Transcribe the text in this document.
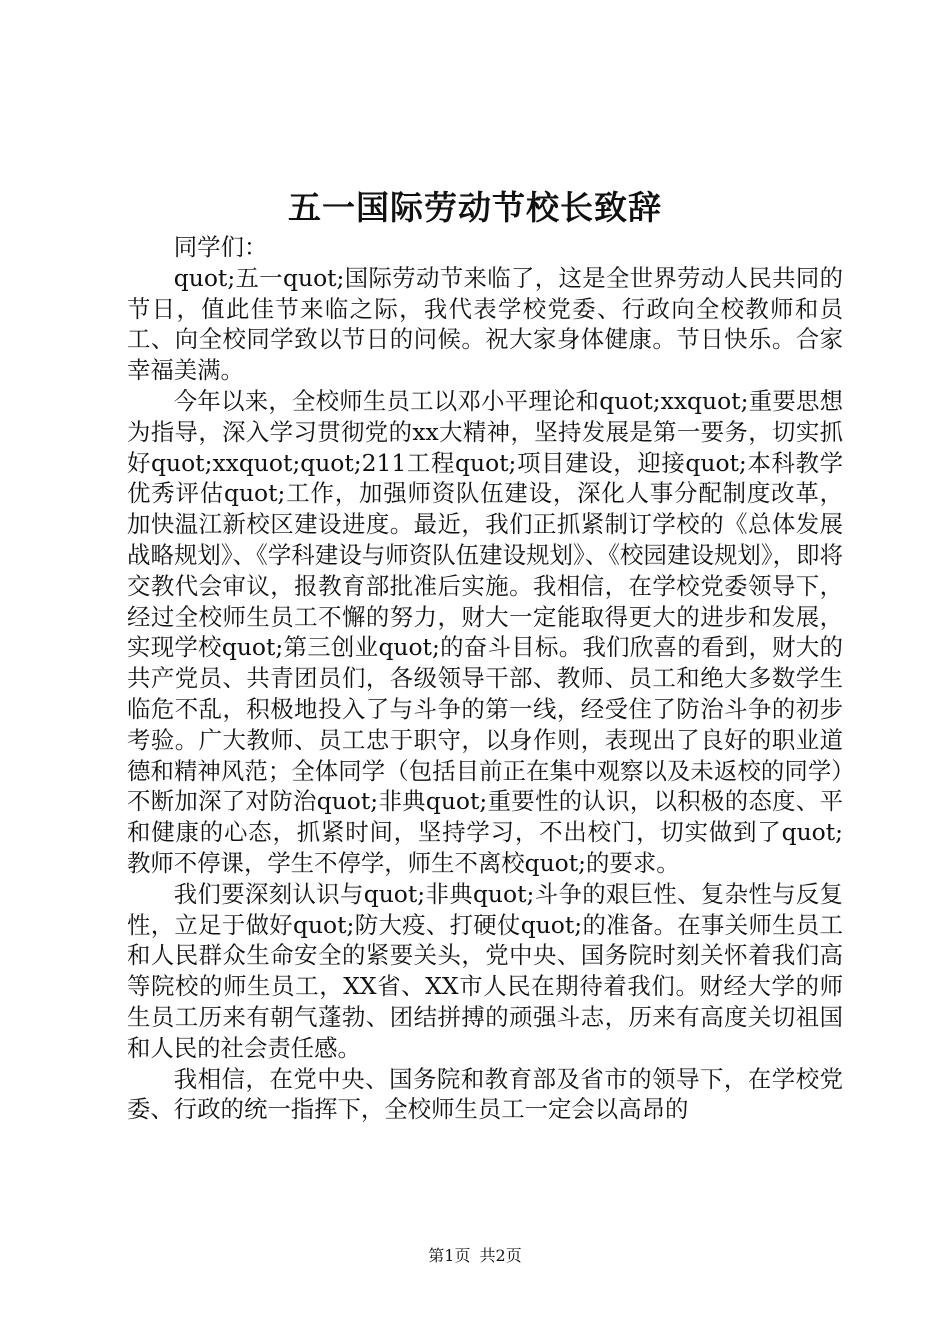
五一国际劳动节校长致辞

同学们：

quot;五一quot;国际劳动节来临了，这是全世界劳动人民共同的节日，值此佳节来临之际，我代表学校党委、行政向全校教师和员工、向全校同学致以节日的问候。祝大家身体健康。节日快乐。合家幸福美满。

今年以来，全校师生员工以邓小平理论和quot;xxquot;重要思想为指导，深入学习贯彻党的xx大精神，坚持发展是第一要务，切实抓好quot;xxquot;quot;211工程quot;项目建设，迎接quot;本科教学优秀评估quot;工作，加强师资队伍建设，深化人事分配制度改革，加快温江新校区建设进度。最近，我们正抓紧制订学校的《总体发展战略规划》、《学科建设与师资队伍建设规划》、《校园建设规划》，即将交教代会审议，报教育部批准后实施。我相信，在学校党委领导下，经过全校师生员工不懈的努力，财大一定能取得更大的进步和发展，实现学校quot;第三创业quot;的奋斗目标。我们欣喜的看到，财大的共产党员、共青团员们，各级领导干部、教师、员工和绝大多数学生临危不乱，积极地投入了与斗争的第一线，经受住了防治斗争的初步考验。广大教师、员工忠于职守，以身作则，表现出了良好的职业道德和精神风范；全体同学（包括目前正在集中观察以及未返校的同学）不断加深了对防治quot;非典quot;重要性的认识，以积极的态度、平和健康的心态，抓紧时间，坚持学习，不出校门，切实做到了quot;教师不停课，学生不停学，师生不离校quot;的要求。

我们要深刻认识与quot;非典quot;斗争的艰巨性、复杂性与反复性，立足于做好quot;防大疫、打硬仗quot;的准备。在事关师生员工和人民群众生命安全的紧要关头，党中央、国务院时刻关怀着我们高等院校的师生员工，XX省、XX市人民在期待着我们。财经大学的师生员工历来有朝气蓬勃、团结拼搏的顽强斗志，历来有高度关切祖国和人民的社会责任感。

我相信，在党中央、国务院和教育部及省市的领导下，在学校党委、行政的统一指挥下，全校师生员工一定会以高昂的

第1页 共2页
